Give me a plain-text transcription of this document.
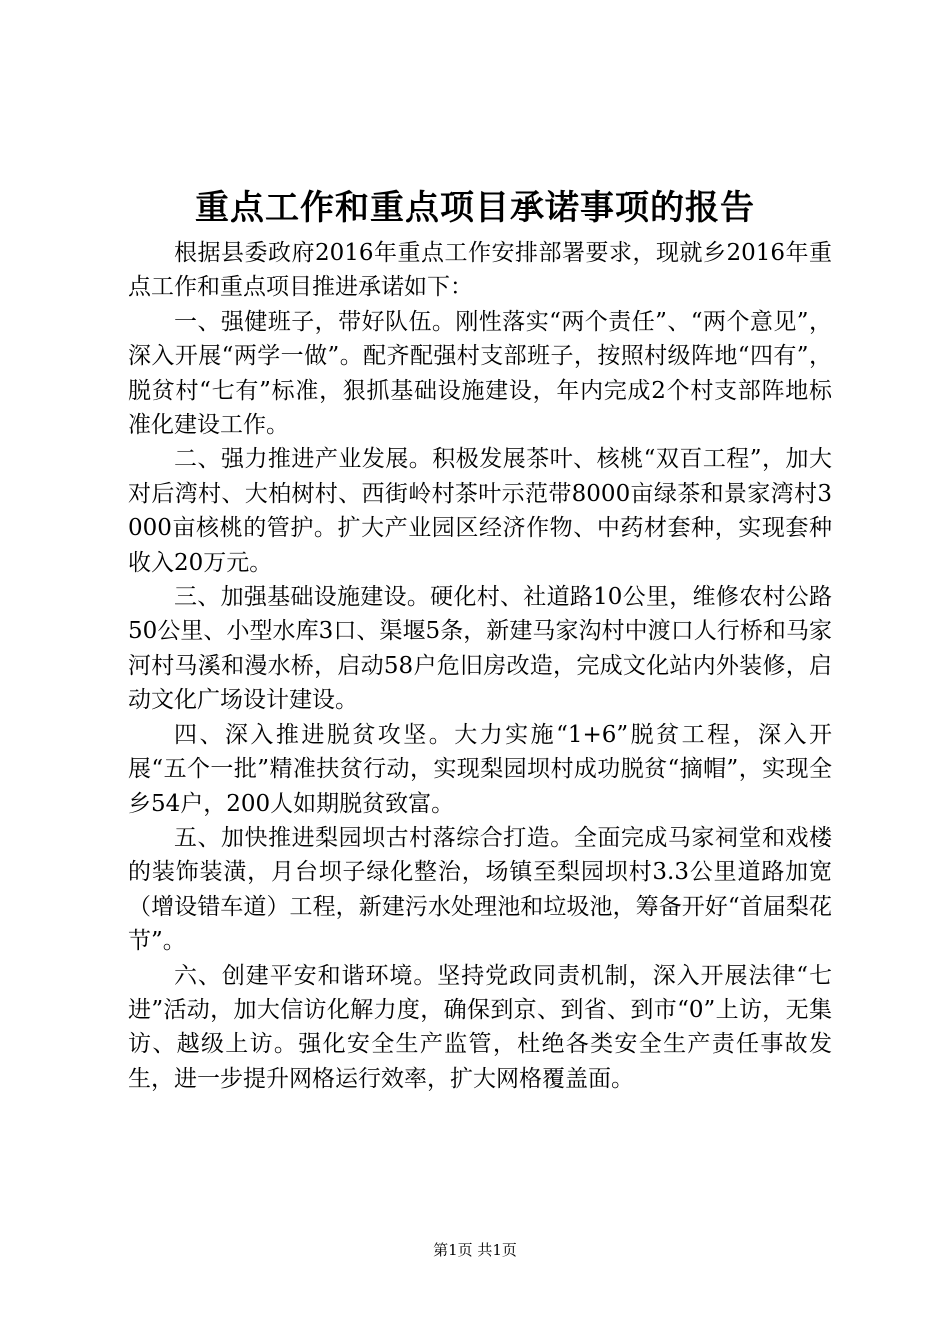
重点工作和重点项目承诺事项的报告

根据县委政府2016年重点工作安排部署要求，现就乡2016年重点工作和重点项目推进承诺如下：

一、强健班子，带好队伍。刚性落实“两个责任”、“两个意见”，深入开展“两学一做”。配齐配强村支部班子，按照村级阵地“四有”，脱贫村“七有”标准，狠抓基础设施建设，年内完成2个村支部阵地标准化建设工作。

二、强力推进产业发展。积极发展茶叶、核桃“双百工程”，加大对后湾村、大柏树村、西街岭村茶叶示范带8000亩绿茶和景家湾村3000亩核桃的管护。扩大产业园区经济作物、中药材套种，实现套种收入20万元。

三、加强基础设施建设。硬化村、社道路10公里，维修农村公路50公里、小型水库3口、渠堰5条，新建马家沟村中渡口人行桥和马家河村马溪和漫水桥，启动58户危旧房改造，完成文化站内外装修，启动文化广场设计建设。

四、深入推进脱贫攻坚。大力实施“1+6”脱贫工程，深入开展“五个一批”精准扶贫行动，实现梨园坝村成功脱贫“摘帽”，实现全乡54户，200人如期脱贫致富。

五、加快推进梨园坝古村落综合打造。全面完成马家祠堂和戏楼的装饰装潢，月台坝子绿化整治，场镇至梨园坝村3.3公里道路加宽（增设错车道）工程，新建污水处理池和垃圾池，筹备开好“首届梨花节”。

六、创建平安和谐环境。坚持党政同责机制，深入开展法律“七进”活动，加大信访化解力度，确保到京、到省、到市“0”上访，无集访、越级上访。强化安全生产监管，杜绝各类安全生产责任事故发生，进一步提升网格运行效率，扩大网格覆盖面。

第1页 共1页
